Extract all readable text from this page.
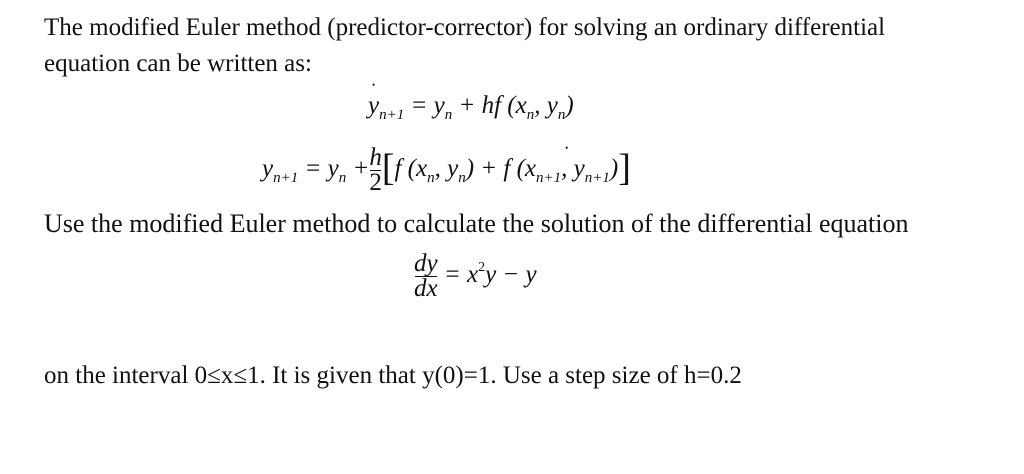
The modified Euler method (predictor-corrector) for solving an ordinary differential
equation can be written as:
• $y_{n+1} = y_n$ + hf ($x_n$, $y_n$)
$y_{n+1} = y_n + \frac{h}{2} [f$ ($x_n$, $y_n) + f$ ($x_{n+1}•$ , $y_{n+1}$)]
Use the modified Euler method to calculate the solution of the differential equation
$\frac{dy}{dx} = x^2y - y$
on the interval 0≤x≤1. It is given that y(0)=1. Use a step size of h=0.2
